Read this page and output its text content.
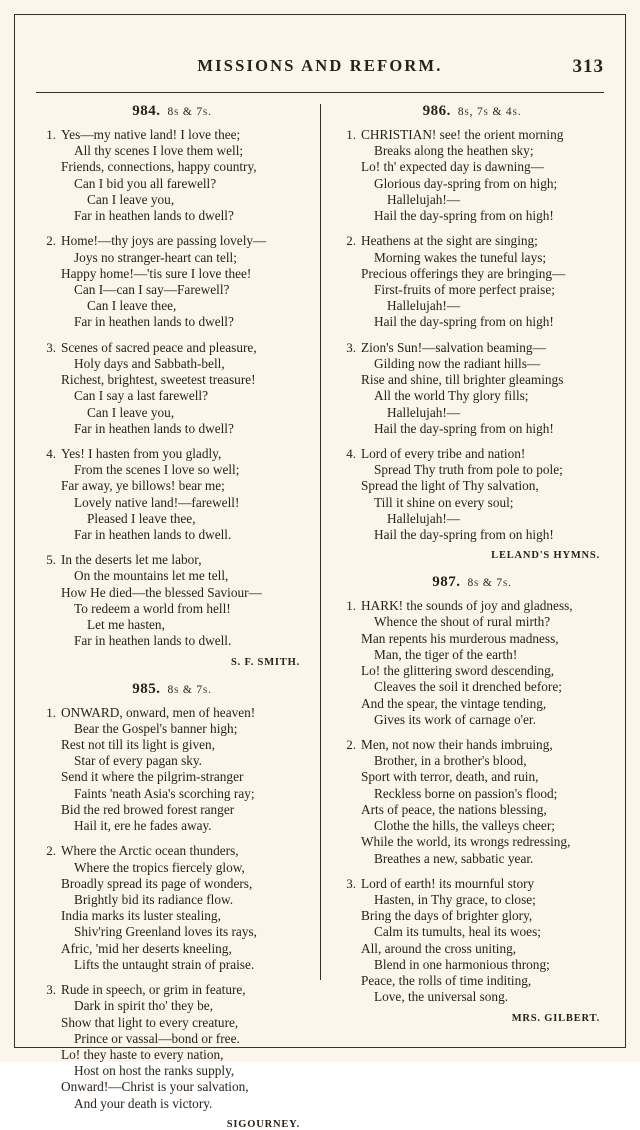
MISSIONS AND REFORM.	313
984. 8s & 7s.
1. Yes—my native land! I love thee;
All thy scenes I love them well;
Friends, connections, happy country,
Can I bid you all farewell?
Can I leave you,
Far in heathen lands to dwell?
2. Home!—thy joys are passing lovely—
Joys no stranger-heart can tell;
Happy home!—'tis sure I love thee!
Can I—can I say—Farewell?
Can I leave thee,
Far in heathen lands to dwell?
3. Scenes of sacred peace and pleasure,
Holy days and Sabbath-bell,
Richest, brightest, sweetest treasure!
Can I say a last farewell?
Can I leave you,
Far in heathen lands to dwell?
4. Yes! I hasten from you gladly,
From the scenes I love so well;
Far away, ye billows! bear me;
Lovely native land!—farewell!
Pleased I leave thee,
Far in heathen lands to dwell.
5. In the deserts let me labor,
On the mountains let me tell,
How He died—the blessed Saviour—
To redeem a world from hell!
Let me hasten,
Far in heathen lands to dwell.
S. F. SMITH.
985. 8s & 7s.
1. ONWARD, onward, men of heaven!
Bear the Gospel's banner high;
Rest not till its light is given,
Star of every pagan sky.
Send it where the pilgrim-stranger
Faints 'neath Asia's scorching ray;
Bid the red browed forest ranger
Hail it, ere he fades away.
2. Where the Arctic ocean thunders,
Where the tropics fiercely glow,
Broadly spread its page of wonders,
Brightly bid its radiance flow.
India marks its luster stealing,
Shiv'ring Greenland loves its rays,
Afric, 'mid her deserts kneeling,
Lifts the untaught strain of praise.
3. Rude in speech, or grim in feature,
Dark in spirit tho' they be,
Show that light to every creature,
Prince or vassal—bond or free.
Lo! they haste to every nation,
Host on host the ranks supply,
Onward!—Christ is your salvation,
And your death is victory.
SIGOURNEY.
986. 8s, 7s & 4s.
1. CHRISTIAN! see! the orient morning
Breaks along the heathen sky;
Lo! th' expected day is dawning—
Glorious day-spring from on high;
Hallelujah!—
Hail the day-spring from on high!
2. Heathens at the sight are singing;
Morning wakes the tuneful lays;
Precious offerings they are bringing—
First-fruits of more perfect praise;
Hallelujah!—
Hail the day-spring from on high!
3. Zion's Sun!—salvation beaming—
Gilding now the radiant hills—
Rise and shine, till brighter gleamings
All the world Thy glory fills;
Hallelujah!—
Hail the day-spring from on high!
4. Lord of every tribe and nation!
Spread Thy truth from pole to pole;
Spread the light of Thy salvation,
Till it shine on every soul;
Hallelujah!—
Hail the day-spring from on high!
LELAND'S HYMNS.
987. 8s & 7s.
1. HARK! the sounds of joy and gladness,
Whence the shout of rural mirth?
Man repents his murderous madness,
Man, the tiger of the earth!
Lo! the glittering sword descending,
Cleaves the soil it drenched before;
And the spear, the vintage tending,
Gives its work of carnage o'er.
2. Men, not now their hands imbruing,
Brother, in a brother's blood,
Sport with terror, death, and ruin,
Reckless borne on passion's flood;
Arts of peace, the nations blessing,
Clothe the hills, the valleys cheer;
While the world, its wrongs redressing,
Breathes a new, sabbatic year.
3. Lord of earth! its mournful story
Hasten, in Thy grace, to close;
Bring the days of brighter glory,
Calm its tumults, heal its woes;
All, around the cross uniting,
Blend in one harmonious throng;
Peace, the rolls of time inditing,
Love, the universal song.
MRS. GILBERT.
